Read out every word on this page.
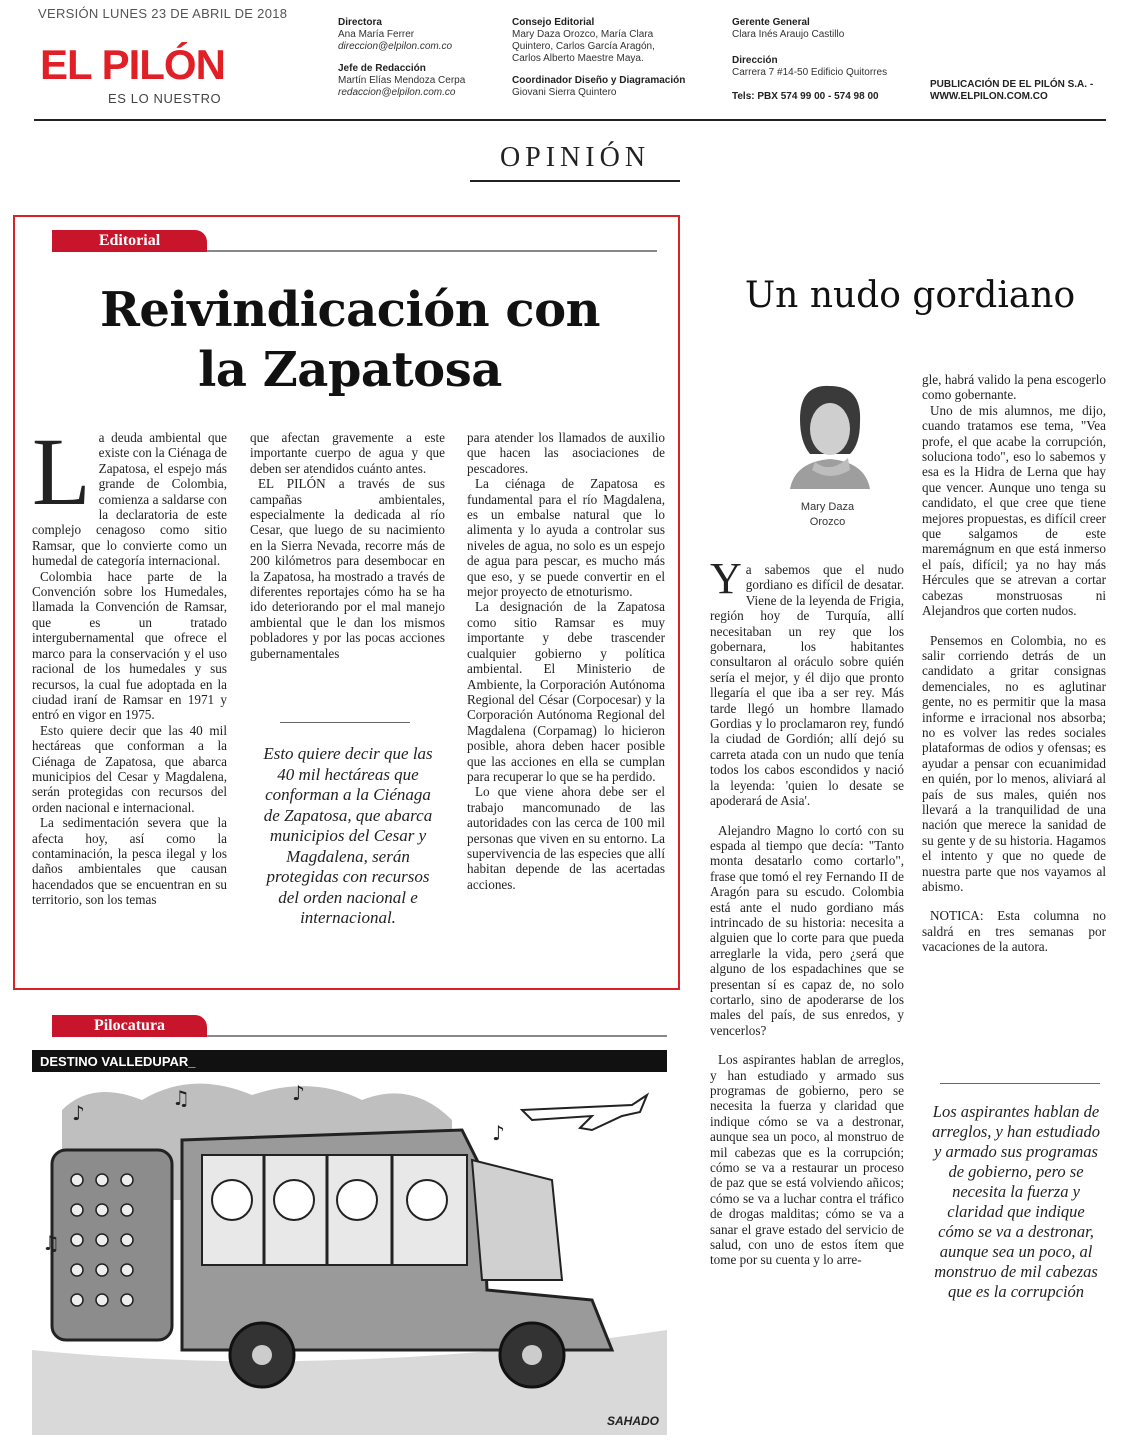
VERSIÓN LUNES 23 DE ABRIL DE 2018
EL PILÓN
ES LO NUESTRO
Directora
Ana María Ferrer
direccion@elpilon.com.co
Jefe de Redacción
Martín Elías Mendoza Cerpa
redaccion@elpilon.com.co
Consejo Editorial
Mary Daza Orozco, María Clara
Quintero, Carlos García Aragón,
Carlos Alberto Maestre Maya.
Coordinador Diseño y Diagramación
Giovani Sierra Quintero
Gerente General
Clara Inés Araujo Castillo
Dirección
Carrera 7 #14-50 Edificio Quitorres
Tels: PBX 574 99 00 - 574 98 00
PUBLICACIÓN DE EL PILÓN S.A. -
WWW.ELPILON.COM.CO
OPINIÓN
Editorial
Reivindicación con
la Zapatosa
L a deuda ambiental que existe con la Ciénaga de Zapatosa, el espejo más grande de Colombia, comienza a saldarse con la declaratoria de este complejo cenagoso como sitio Ramsar, que lo convierte como un humedal de categoría internacional.

Colombia hace parte de la Convención sobre los Humedales, llamada la Convención de Ramsar, que es un tratado intergubernamental que ofrece el marco para la conservación y el uso racional de los humedales y sus recursos, la cual fue adoptada en la ciudad iraní de Ramsar en 1971 y entró en vigor en 1975.

Esto quiere decir que las 40 mil hectáreas que conforman a la Ciénaga de Zapatosa, que abarca municipios del Cesar y Magdalena, serán protegidas con recursos del orden nacional e internacional.

La sedimentación severa que la afecta hoy, así como la contaminación, la pesca ilegal y los daños ambientales que causan hacendados que se encuentran en su territorio, son los temas

que afectan gravemente a este importante cuerpo de agua y que deben ser atendidos cuánto antes.

EL PILÓN a través de sus campañas ambientales, especialmente la dedicada al río Cesar, que luego de su nacimiento en la Sierra Nevada, recorre más de 200 kilómetros para desembocar en la Zapatosa, ha mostrado a través de diferentes reportajes cómo ha se ha ido deteriorando por el mal manejo ambiental que le dan los mismos pobladores y por las pocas acciones gubernamentales

Esto quiere decir que las 40 mil hectáreas que conforman a la Ciénaga de Zapatosa, que abarca municipios del Cesar y Magdalena, serán protegidas con recursos del orden nacional e internacional.

para atender los llamados de auxilio que hacen las asociaciones de pescadores.

La ciénaga de Zapatosa es fundamental para el río Magdalena, es un embalse natural que lo alimenta y lo ayuda a controlar sus niveles de agua, no solo es un espejo de agua para pescar, es mucho más que eso, y se puede convertir en el mejor proyecto de etnoturismo.

La designación de la Zapatosa como sitio Ramsar es muy importante y debe trascender cualquier gobierno y política ambiental. El Ministerio de Ambiente, la Corporación Autónoma Regional del César (Corpocesar) y la Corporación Autónoma Regional del Magdalena (Corpamag) lo hicieron posible, ahora deben hacer posible que las acciones en ella se cumplan para recuperar lo que se ha perdido.

Lo que viene ahora debe ser el trabajo mancomunado de las autoridades con las cerca de 100 mil personas que viven en su entorno. La supervivencia de las especies que allí habitan depende de las acertadas acciones.

Pilocatura
DESTINO VALLEDUPAR_
♪
♫	♪
♪
♫
SAHADO
Un nudo gordiano
Mary Daza
Orozco
Y a sabemos que el nudo gordiano es difícil de desatar. Viene de la leyenda de Frigia, región hoy de Turquía, allí necesitaban un rey que los gobernara, los habitantes consultaron al oráculo sobre quién sería el mejor, y él dijo que pronto llegaría el que iba a ser rey. Más tarde llegó un hombre llamado Gordias y lo proclamaron rey, fundó la ciudad de Gordión; allí dejó su carreta atada con un nudo que tenía todos los cabos escondidos y nació la leyenda: 'quien lo desate se apoderará de Asia'.

Alejandro Magno lo cortó con su espada al tiempo que decía: "Tanto monta desatarlo como cortarlo", frase que tomó el rey Fernando II de Aragón para su escudo. Colombia está ante el nudo gordiano más intrincado de su historia: necesita a alguien que lo corte para que pueda arreglarle la vida, pero ¿será que alguno de los espadachines que se presentan sí es capaz de, no solo cortarlo, sino de apoderarse de los males del país, de sus enredos, y vencerlos?

Los aspirantes hablan de arreglos, y han estudiado y armado sus programas de gobierno, pero se necesita la fuerza y claridad que indique cómo se va a destronar, aunque sea un poco, al monstruo de mil cabezas que es la corrupción; cómo se va a restaurar un proceso de paz que se está volviendo añicos; cómo se va a luchar contra el tráfico de drogas malditas; cómo se va a sanar el grave estado del servicio de salud, con uno de estos ítem que tome por su cuenta y lo arre-

gle, habrá valido la pena escogerlo como gobernante.

Uno de mis alumnos, me dijo, cuando tratamos ese tema, "Vea profe, el que acabe la corrupción, soluciona todo", eso lo sabemos y esa es la Hidra de Lerna que hay que vencer. Aunque uno tenga su candidato, el que cree que tiene mejores propuestas, es difícil creer que salgamos de este maremágnum en que está inmerso el país, difícil; ya no hay más Hércules que se atrevan a cortar cabezas monstruosas ni Alejandros que corten nudos.

Pensemos en Colombia, no es salir corriendo detrás de un candidato a gritar consignas demenciales, no es aglutinar gente, no es permitir que la masa informe e irracional nos absorba; no es volver las redes sociales plataformas de odios y ofensas; es ayudar a pensar con ecuanimidad en quién, por lo menos, aliviará al país de sus males, quién nos llevará a la tranquilidad de una nación que merece la sanidad de su gente y de su historia. Hagamos el intento y que no quede de nuestra parte que nos vayamos al abismo.

NOTICA: Esta columna no saldrá en tres semanas por vacaciones de la autora.

Los aspirantes hablan de arreglos, y han estudiado y armado sus programas de gobierno, pero se necesita la fuerza y claridad que indique cómo se va a destronar, aunque sea un poco, al monstruo de mil cabezas que es la corrupción
